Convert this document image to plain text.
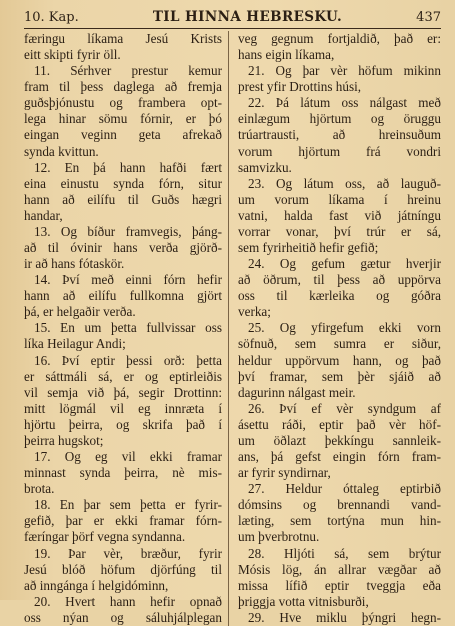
10. Kap.	TIL HINNA HEBRESKU.	437
færingu líkama Jesú Krists
eitt skipti fyrir öll.
11. Sérhver prestur kemur
fram til þess daglega að fremja
guðsþjónustu og frambera opt-
lega hinar sömu fórnir, er þó
eingan veginn geta afrekað
synda kvittun.
12. En þá hann hafði fært
eina einustu synda fórn, situr
hann að eilífu til Guðs hægri
handar,
13. Og bíður framvegis, þáng-
að til óvinir hans verða gjörð-
ir að hans fótaskör.
14. Því með einni fórn hefir
hann að eilífu fullkomna gjört
þá, er helgaðir verða.
15. En um þetta fullvissar oss
líka Heilagur Andi;
16. Því eptir þessi orð: þetta
er sáttmáli sá, er og eptirleiðis
vil semja við þá, segir Drottinn:
mitt lögmál vil eg innræta í
hjörtu þeirra, og skrifa það í
þeirra hugskot;
17. Og eg vil ekki framar
minnast synda þeirra, nè mis-
brota.
18. En þar sem þetta er fyrir-
gefið, þar er ekki framar fórn-
færíngar þörf vegna syndanna.
19. Þar vèr, bræður, fyrir
Jesú blóð höfum djörfúng til
að inngánga í helgidóminn,
20. Hvert hann hefir opnað
oss nýan og sáluhjálplegan
veg gegnum fortjaldið, það er:
hans eigin líkama,
21. Og þar vèr höfum mikinn
prest yfir Drottins húsi,
22. Þá látum oss nálgast með
einlægum hjörtum og öruggu
trúartrausti, að hreinsuðum
vorum hjörtum frá vondri
samvizku.
23. Og látum oss, að lauguð-
um vorum líkama í hreinu
vatni, halda fast við játníngu
vorrar vonar, því trúr er sá,
sem fyrirheitið hefir gefið;
24. Og gefum gætur hverjir
að öðrum, til þess að uppörva
oss til kærleika og góðra
verka;
25. Og yfirgefum ekki vorn
söfnuð, sem sumra er siður,
heldur uppörvum hann, og það
því framar, sem þèr sjáið að
dagurinn nálgast meir.
26. Því ef vèr syndgum af
ásettu ráði, eptir það vèr höf-
um öðlazt þekkíngu sannleik-
ans, þá gefst eingin fórn fram-
ar fyrir syndirnar,
27. Heldur óttaleg eptirbið
dómsins og brennandi vand-
læting, sem tortýna mun hin-
um þverbrotnu.
28. Hljóti sá, sem brýtur
Mósis lög, án allrar vægðar að
missa lífið eptir tveggja eða
þriggja votta vitnisburði,
29. Hve miklu þýngri hegn-
